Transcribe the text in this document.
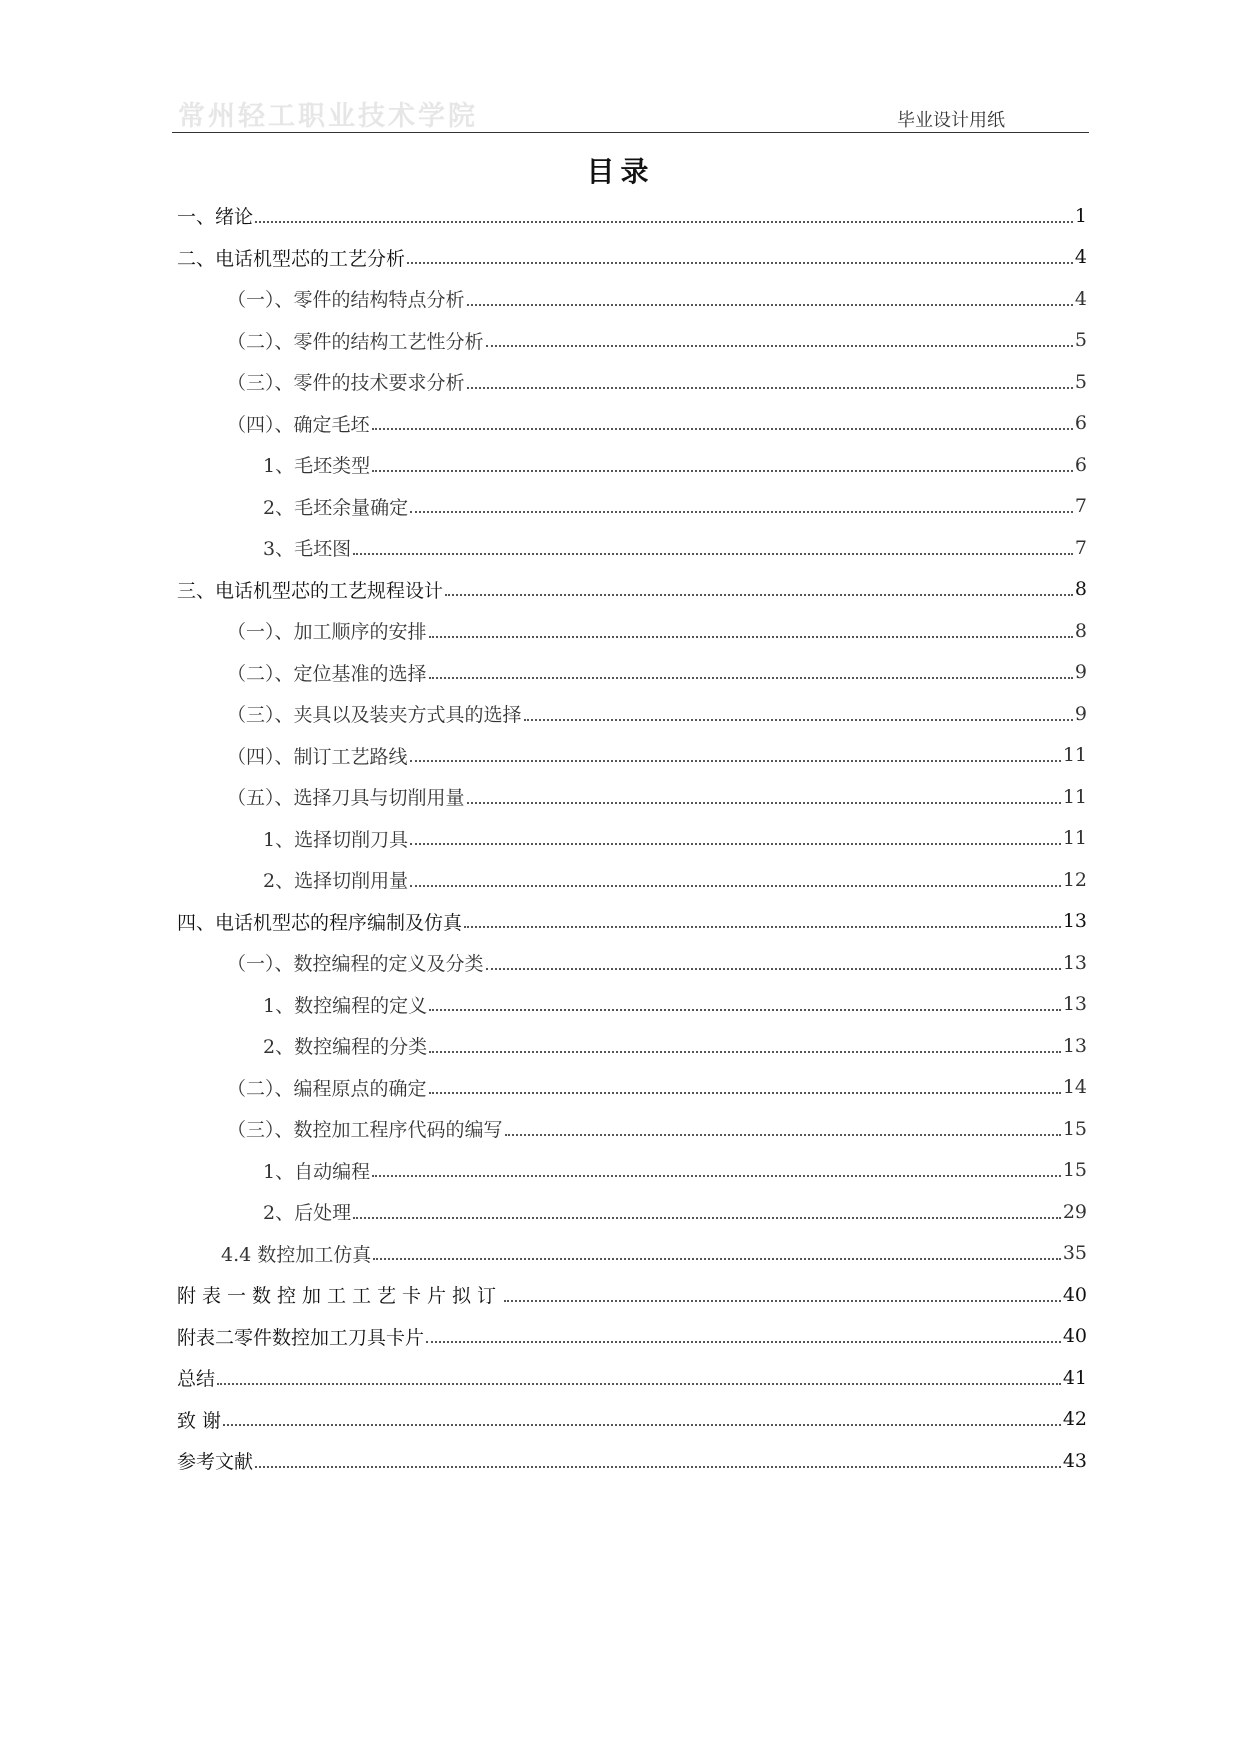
常州轻工职业技术学院	毕业设计用纸
目录
一、绪论	1
二、电话机型芯的工艺分析	4
（一）、零件的结构特点分析	4
（二）、零件的结构工艺性分析	5
（三）、零件的技术要求分析	5
（四）、确定毛坯	6
1、毛坯类型	6
2、毛坯余量确定	7
3、毛坯图	7
三、电话机型芯的工艺规程设计	8
（一）、加工顺序的安排	8
（二）、定位基准的选择	9
（三）、夹具以及装夹方式具的选择	9
（四）、制订工艺路线	11
（五）、选择刀具与切削用量	11
1、选择切削刀具	11
2、选择切削用量	12
四、电话机型芯的程序编制及仿真	13
（一）、数控编程的定义及分类	13
1、数控编程的定义	13
2、数控编程的分类	13
（二）、编程原点的确定	14
（三）、数控加工程序代码的编写	15
1、自动编程	15
2、后处理	29
4.4 数控加工仿真	35
附表一数控加工工艺卡片拟订	40
附表二零件数控加工刀具卡片	40
总结	41
致 谢	42
参考文献	43
